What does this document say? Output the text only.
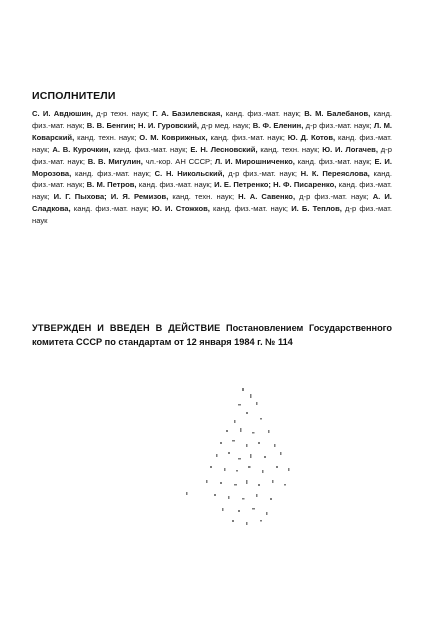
ИСПОЛНИТЕЛИ
С. И. Авдюшин, д-р техн. наук; Г. А. Базилевская, канд. физ.-мат. наук; В. М. Балебанов, канд. физ.-мат. наук; В. В. Бенгин; Н. И. Гуровский, д-р мед. наук; В. Ф. Еленин, д-р физ.-мат. наук; Л. М. Коварский, канд. техн. наук; О. М. Коврижных, канд. физ.-мат. наук; Ю. Д. Котов, канд. физ.-мат. наук; А. В. Курочкин, канд. физ.-мат. наук; Е. Н. Лесновский, канд. техн. наук; Ю. И. Логачев, д-р физ.-мат. наук; В. В. Мигулин, чл.-кор. АН СССР; Л. И. Мирошниченко, канд. физ.-мат. наук; Е. И. Морозова, канд. физ.-мат. наук; С. Н. Никольский, д-р физ.-мат. наук; Н. К. Переяслова, канд. физ.-мат. наук; В. М. Петров, канд. физ.-мат. наук; И. Е. Петренко; Н. Ф. Писаренко, канд. физ.-мат. наук; И. Г. Пыхова; И. Я. Ремизов, канд. техн. наук; Н. А. Савенко, д-р физ.-мат. наук; А. И. Сладкова, канд. физ.-мат. наук; Ю. И. Стожков, канд. физ.-мат. наук; И. Б. Теплов, д-р физ.-мат. наук
УТВЕРЖДЕН И ВВЕДЕН В ДЕЙСТВИЕ Постановлением Государственного комитета СССР по стандартам от 12 января 1984 г. № 114
